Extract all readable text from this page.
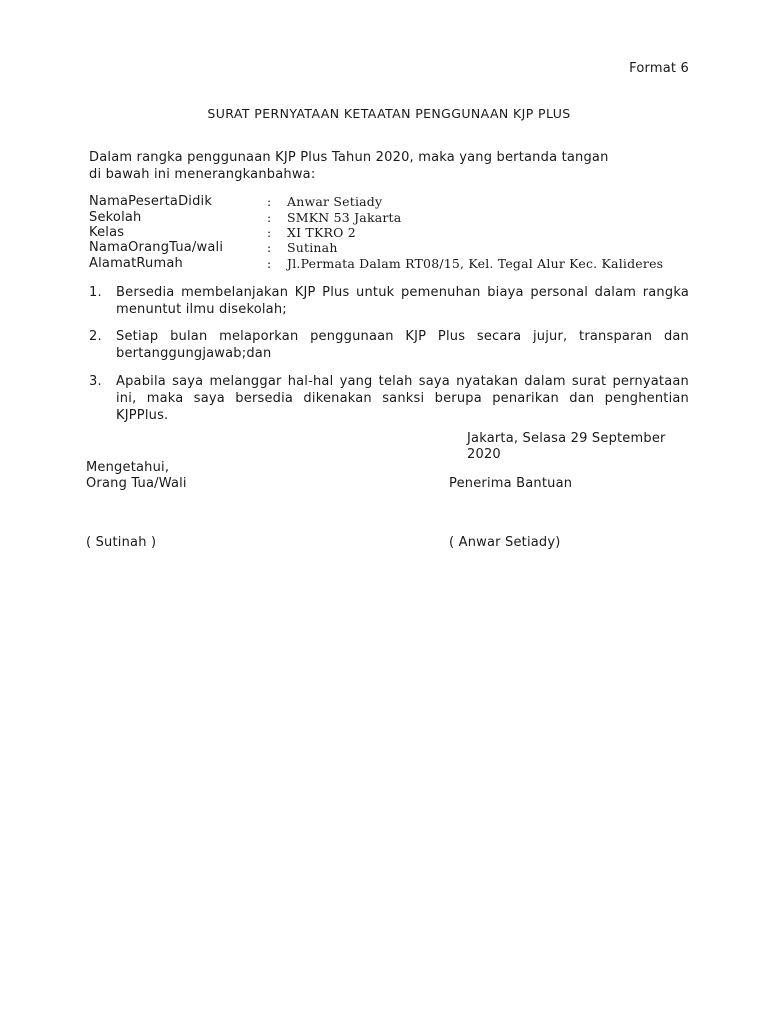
Format 6
SURAT PERNYATAAN KETAATAN PENGGUNAAN KJP PLUS
Dalam rangka penggunaan KJP Plus Tahun 2020, maka yang bertanda tangan
di bawah ini menerangkanbahwa:
NamaPesertaDidik	: Anwar Setiady
Sekolah	: SMKN 53 Jakarta
Kelas	: XI TKRO 2
NamaOrangTua/wali	: Sutinah
AlamatRumah	: Jl.Permata Dalam RT08/15, Kel. Tegal Alur Kec. Kalideres
1. Bersedia membelanjakan KJP Plus untuk pemenuhan biaya personal dalam rangka menuntut ilmu disekolah;
2. Setiap bulan melaporkan penggunaan KJP Plus secara jujur, transparan dan bertanggungjawab;dan
3. Apabila saya melanggar hal-hal yang telah saya nyatakan dalam surat pernyataan ini, maka saya bersedia dikenakan sanksi berupa penarikan dan penghentian KJPPlus.
Jakarta, Selasa 29 September
2020
Mengetahui,
Orang Tua/Wali
( Sutinah )
Penerima Bantuan
( Anwar Setiady)
